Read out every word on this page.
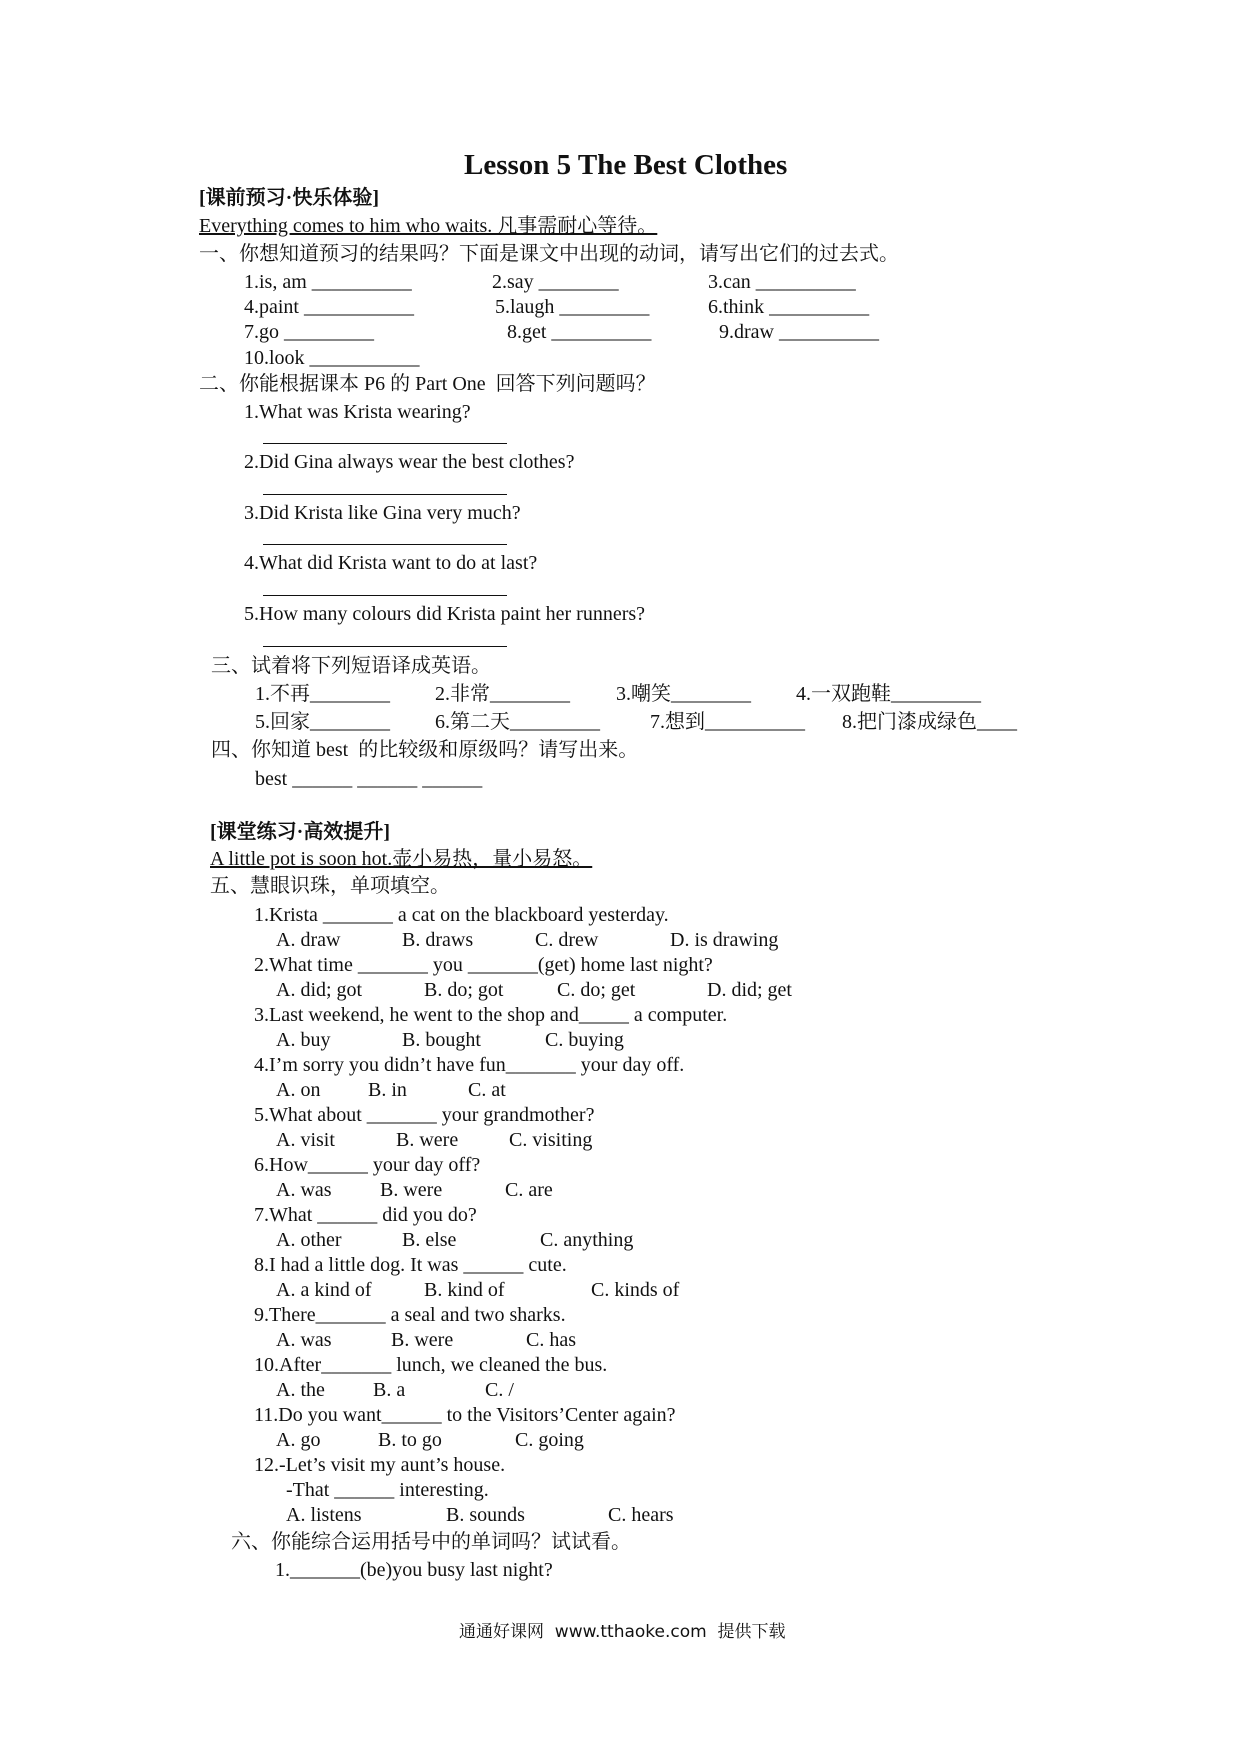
Lesson 5 The Best Clothes
[课前预习·快乐体验]
Everything comes to him who waits. 凡事需耐心等待。
一、你想知道预习的结果吗？下面是课文中出现的动词，请写出它们的过去式。
1.is, am __________	2.say ________	3.can __________
4.paint ___________	5.laugh _________	6.think __________
7.go _________	8.get __________	9.draw __________
10.look ___________
二、你能根据课本 P6 的 Part One  回答下列问题吗？
1.What was Krista wearing?
2.Did Gina always wear the best clothes?
3.Did Krista like Gina very much?
4.What did Krista want to do at last?
5.How many colours did Krista paint her runners?
三、试着将下列短语译成英语。
1.不再________ 2.非常________ 3.嘲笑________ 4.一双跑鞋_________
5.回家________ 6.第二天_________	7.想到__________ 8.把门漆成绿色____
四、你知道 best  的比较级和原级吗？请写出来。
best ______ ______ ______
[课堂练习·高效提升]
A little pot is soon hot.壶小易热，量小易怒。
五、慧眼识珠，单项填空。
1.Krista _______ a cat on the blackboard yesterday.
A. draw	B. draws	C. drew	D. is drawing
2.What time _______ you _______(get) home last night?
A. did; got	B. do; got	C. do; get	D. did; get
3.Last weekend, he went to the shop and_____ a computer.
A. buy	B. bought	C. buying
4.I’m sorry you didn’t have fun_______ your day off.
A. on B. in	C. at
5.What about _______ your grandmother?
A. visit	B. were	C. visiting
6.How______ your day off?
A. was B. were	C. are
7.What ______ did you do?
A. other	B. else	C. anything
8.I had a little dog. It was ______ cute.
A. a kind of	B. kind of	C. kinds of
9.There_______ a seal and two sharks.
A. was	B. were	C. has
10.After_______ lunch, we cleaned the bus.
A. the B. a	C. /
11.Do you want______ to the Visitors’Center again?
A. go	B. to go	C. going
12.-Let’s visit my aunt’s house.
-That ______ interesting.
A. listens	B. sounds	C. hears
六、你能综合运用括号中的单词吗？试试看。
1._______(be)you busy last night?
通通好课网  www.tthaoke.com  提供下载
